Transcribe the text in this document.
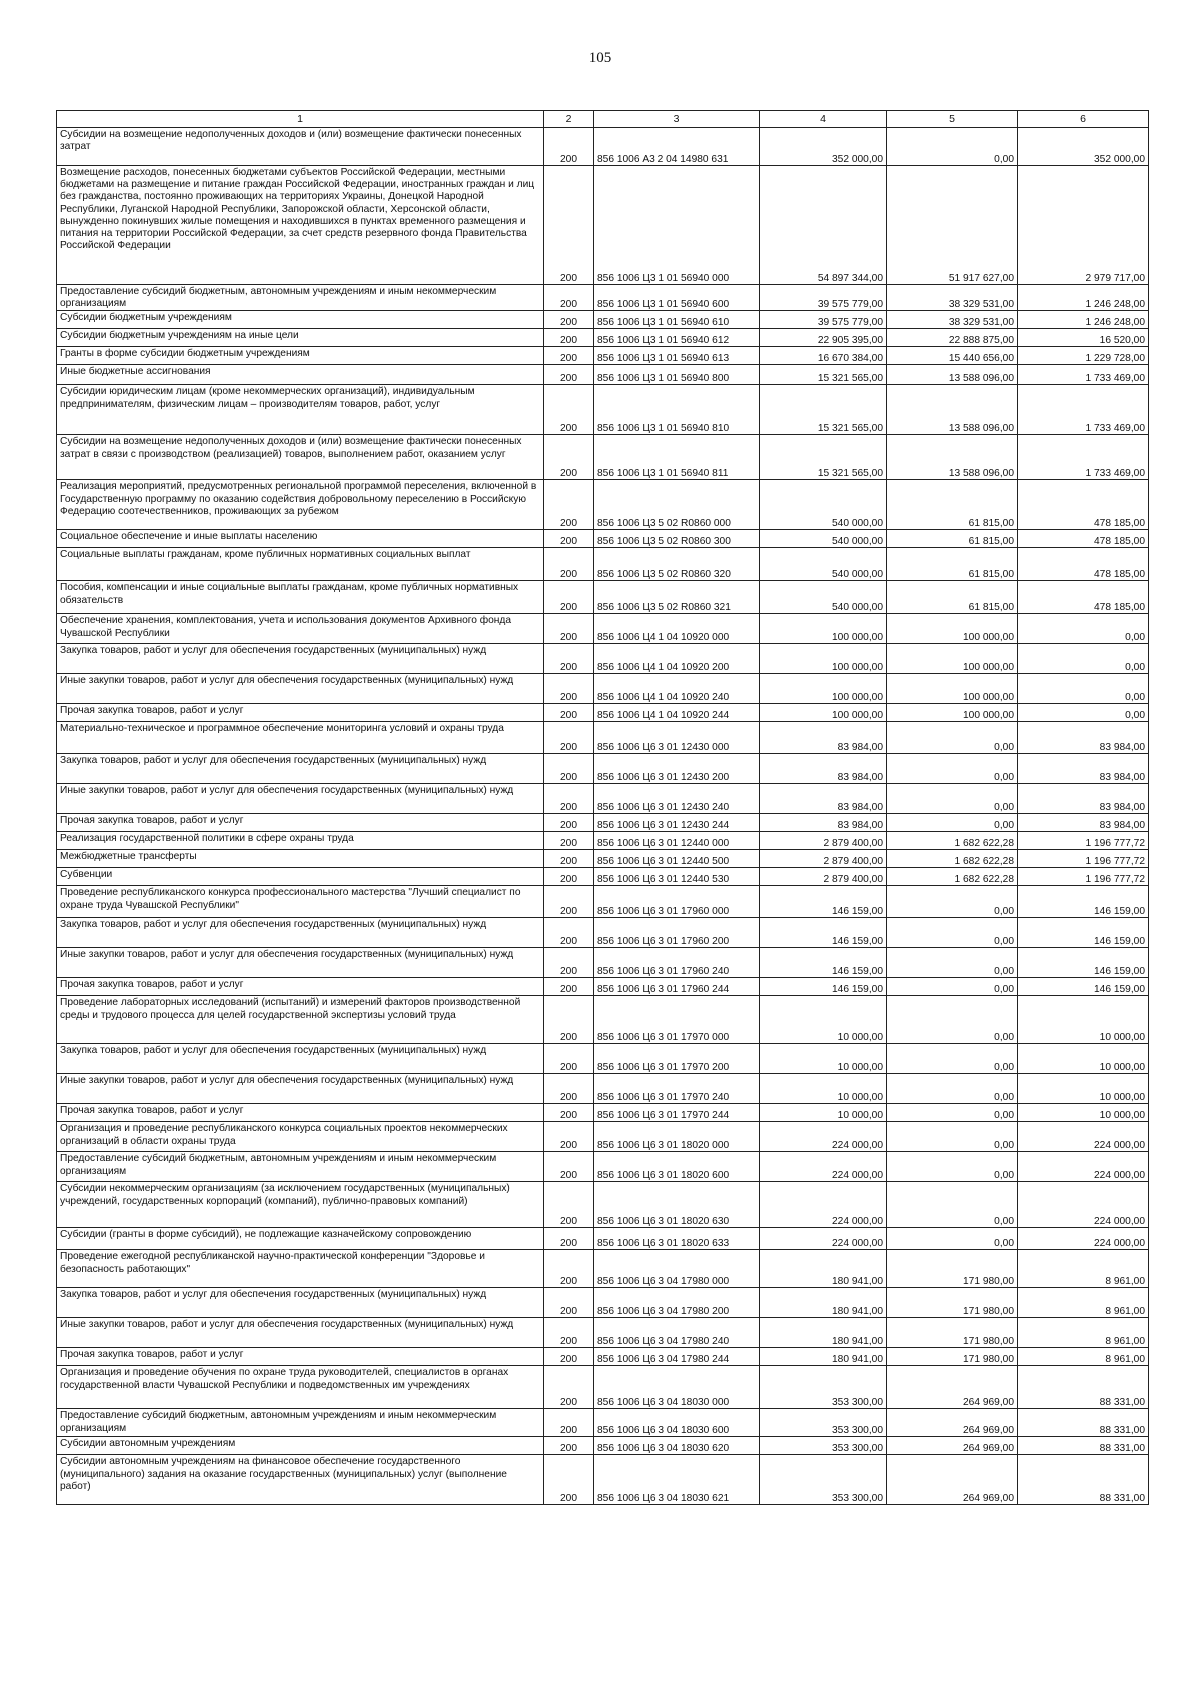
105
1	2	3	4	5	6

Субсидии на возмещение недополученных доходов и (или) возмещение фактически понесенных затрат	200	856 1006 А3 2 04 14980 631	352 000,00	0,00	352 000,00

Возмещение расходов, понесенных бюджетами субъектов Российской Федерации, местными бюджетами на размещение и питание граждан Российской Федерации, иностранных граждан и лиц без гражданства, постоянно проживающих на территориях Украины, Донецкой Народной Республики, Луганской Народной Республики, Запорожской области, Херсонской области, вынужденно покинувших жилые помещения и находившихся в пунктах временного размещения и питания на территории Российской Федерации, за счет средств резервного фонда Правительства Российской Федерации	200	856 1006 Ц3 1 01 56940 000	54 897 344,00	51 917 627,00	2 979 717,00

Предоставление субсидий бюджетным, автономным учреждениям и иным некоммерческим организациям	200	856 1006 Ц3 1 01 56940 600	39 575 779,00	38 329 531,00	1 246 248,00

Субсидии бюджетным учреждениям	200	856 1006 Ц3 1 01 56940 610	39 575 779,00	38 329 531,00	1 246 248,00

Субсидии бюджетным учреждениям на иные цели	200	856 1006 Ц3 1 01 56940 612	22 905 395,00	22 888 875,00	16 520,00

Гранты в форме субсидии бюджетным учреждениям	200	856 1006 Ц3 1 01 56940 613	16 670 384,00	15 440 656,00	1 229 728,00

Иные бюджетные ассигнования	200	856 1006 Ц3 1 01 56940 800	15 321 565,00	13 588 096,00	1 733 469,00

Субсидии юридическим лицам (кроме некоммерческих организаций), индивидуальным предпринимателям, физическим лицам – производителям товаров, работ, услуг	200	856 1006 Ц3 1 01 56940 810	15 321 565,00	13 588 096,00	1 733 469,00

Субсидии на возмещение недополученных доходов и (или) возмещение фактически понесенных затрат в связи с производством (реализацией) товаров, выполнением работ, оказанием услуг	200	856 1006 Ц3 1 01 56940 811	15 321 565,00	13 588 096,00	1 733 469,00

Реализация мероприятий, предусмотренных региональной программой переселения, включенной в Государственную программу по оказанию содействия добровольному переселению в Российскую Федерацию соотечественников, проживающих за рубежом	200	856 1006 Ц3 5 02 R0860 000	540 000,00	61 815,00	478 185,00

Социальное обеспечение и иные выплаты населению	200	856 1006 Ц3 5 02 R0860 300	540 000,00	61 815,00	478 185,00

Социальные выплаты гражданам, кроме публичных нормативных социальных выплат	200	856 1006 Ц3 5 02 R0860 320	540 000,00	61 815,00	478 185,00

Пособия, компенсации и иные социальные выплаты гражданам, кроме публичных нормативных обязательств	200	856 1006 Ц3 5 02 R0860 321	540 000,00	61 815,00	478 185,00

Обеспечение хранения, комплектования, учета и использования документов Архивного фонда Чувашской Республики	200	856 1006 Ц4 1 04 10920 000	100 000,00	100 000,00	0,00

Закупка товаров, работ и услуг для обеспечения государственных (муниципальных) нужд	200	856 1006 Ц4 1 04 10920 200	100 000,00	100 000,00	0,00

Иные закупки товаров, работ и услуг для обеспечения государственных (муниципальных) нужд	200	856 1006 Ц4 1 04 10920 240	100 000,00	100 000,00	0,00

Прочая закупка товаров, работ и услуг	200	856 1006 Ц4 1 04 10920 244	100 000,00	100 000,00	0,00

Материально-техническое и программное обеспечение мониторинга условий и охраны труда	200	856 1006 Ц6 3 01 12430 000	83 984,00	0,00	83 984,00

Закупка товаров, работ и услуг для обеспечения государственных (муниципальных) нужд	200	856 1006 Ц6 3 01 12430 200	83 984,00	0,00	83 984,00

Иные закупки товаров, работ и услуг для обеспечения государственных (муниципальных) нужд	200	856 1006 Ц6 3 01 12430 240	83 984,00	0,00	83 984,00

Прочая закупка товаров, работ и услуг	200	856 1006 Ц6 3 01 12430 244	83 984,00	0,00	83 984,00

Реализация государственной политики в сфере охраны труда	200	856 1006 Ц6 3 01 12440 000	2 879 400,00	1 682 622,28	1 196 777,72

Межбюджетные трансферты	200	856 1006 Ц6 3 01 12440 500	2 879 400,00	1 682 622,28	1 196 777,72

Субвенции	200	856 1006 Ц6 3 01 12440 530	2 879 400,00	1 682 622,28	1 196 777,72

Проведение республиканского конкурса профессионального мастерства "Лучший специалист по охране труда Чувашской Республики"	200	856 1006 Ц6 3 01 17960 000	146 159,00	0,00	146 159,00

Закупка товаров, работ и услуг для обеспечения государственных (муниципальных) нужд	200	856 1006 Ц6 3 01 17960 200	146 159,00	0,00	146 159,00

Иные закупки товаров, работ и услуг для обеспечения государственных (муниципальных) нужд	200	856 1006 Ц6 3 01 17960 240	146 159,00	0,00	146 159,00

Прочая закупка товаров, работ и услуг	200	856 1006 Ц6 3 01 17960 244	146 159,00	0,00	146 159,00

Проведение лабораторных исследований (испытаний) и измерений факторов производственной среды и трудового процесса для целей государственной экспертизы условий труда	200	856 1006 Ц6 3 01 17970 000	10 000,00	0,00	10 000,00

Закупка товаров, работ и услуг для обеспечения государственных (муниципальных) нужд	200	856 1006 Ц6 3 01 17970 200	10 000,00	0,00	10 000,00

Иные закупки товаров, работ и услуг для обеспечения государственных (муниципальных) нужд	200	856 1006 Ц6 3 01 17970 240	10 000,00	0,00	10 000,00

Прочая закупка товаров, работ и услуг	200	856 1006 Ц6 3 01 17970 244	10 000,00	0,00	10 000,00

Организация и проведение республиканского конкурса социальных проектов некоммерческих организаций в области охраны труда	200	856 1006 Ц6 3 01 18020 000	224 000,00	0,00	224 000,00

Предоставление субсидий бюджетным, автономным учреждениям и иным некоммерческим организациям	200	856 1006 Ц6 3 01 18020 600	224 000,00	0,00	224 000,00

Субсидии некоммерческим организациям (за исключением государственных (муниципальных) учреждений, государственных корпораций (компаний), публично-правовых компаний)	200	856 1006 Ц6 3 01 18020 630	224 000,00	0,00	224 000,00

Субсидии (гранты в форме субсидий), не подлежащие казначейскому сопровождению	200	856 1006 Ц6 3 01 18020 633	224 000,00	0,00	224 000,00

Проведение ежегодной республиканской научно-практической конференции "Здоровье и безопасность работающих"	200	856 1006 Ц6 3 04 17980 000	180 941,00	171 980,00	8 961,00

Закупка товаров, работ и услуг для обеспечения государственных (муниципальных) нужд	200	856 1006 Ц6 3 04 17980 200	180 941,00	171 980,00	8 961,00

Иные закупки товаров, работ и услуг для обеспечения государственных (муниципальных) нужд	200	856 1006 Ц6 3 04 17980 240	180 941,00	171 980,00	8 961,00

Прочая закупка товаров, работ и услуг	200	856 1006 Ц6 3 04 17980 244	180 941,00	171 980,00	8 961,00

Организация и проведение обучения по охране труда руководителей, специалистов в органах государственной власти Чувашской Республики и подведомственных им учреждениях	200	856 1006 Ц6 3 04 18030 000	353 300,00	264 969,00	88 331,00

Предоставление субсидий бюджетным, автономным учреждениям и иным некоммерческим организациям	200	856 1006 Ц6 3 04 18030 600	353 300,00	264 969,00	88 331,00

Субсидии автономным учреждениям	200	856 1006 Ц6 3 04 18030 620	353 300,00	264 969,00	88 331,00

Субсидии автономным учреждениям на финансовое обеспечение государственного (муниципального) задания на оказание государственных (муниципальных) услуг (выполнение работ)	200	856 1006 Ц6 3 04 18030 621	353 300,00	264 969,00	88 331,00
